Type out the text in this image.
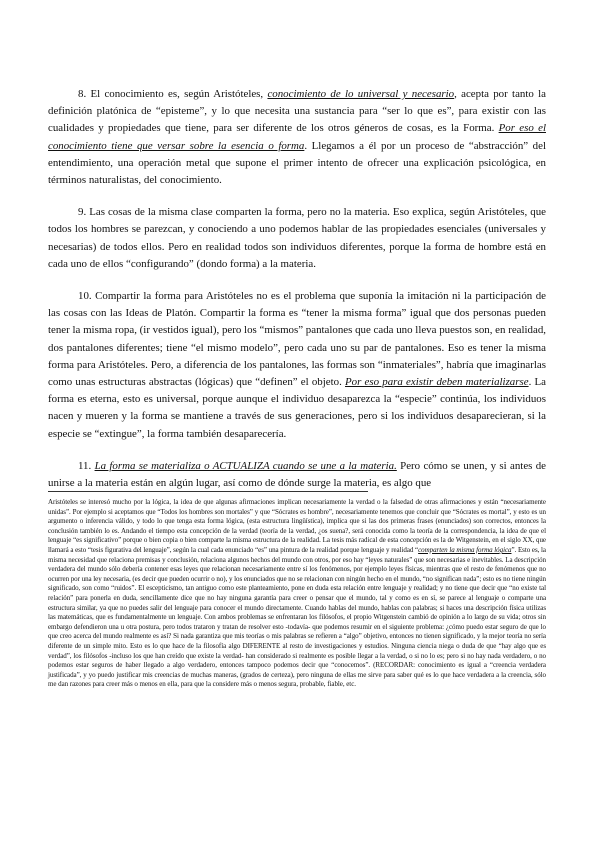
8. El conocimiento es, según Aristóteles, conocimiento de lo universal y necesario, acepta por tanto la definición platónica de “episteme”, y lo que necesita una sustancia para “ser lo que es”, para existir con las cualidades y propiedades que tiene, para ser diferente de los otros géneros de cosas, es la Forma. Por eso el conocimiento tiene que versar sobre la esencia o forma. Llegamos a él por un proceso de “abstracción” del entendimiento, una operación metal que supone el primer intento de ofrecer una explicación psicológica, en términos naturalistas, del conocimiento.

9. Las cosas de la misma clase comparten la forma, pero no la materia. Eso explica, según Aristóteles, que todos los hombres se parezcan, y conociendo a uno podemos hablar de las propiedades esenciales (universales y necesarias) de todos ellos. Pero en realidad todos son individuos diferentes, porque la forma de hombre está en cada uno de ellos “configurando” (dondo forma) a la materia.

10. Compartir la forma para Aristóteles no es el problema que suponía la imitación ni la participación de las cosas con las Ideas de Platón. Compartir la forma es “tener la misma forma” igual que dos personas pueden tener la misma ropa, (ir vestidos igual), pero los “mismos” pantalones que cada uno lleva puestos son, en realidad, dos pantalones diferentes; tiene “el mismo modelo”, pero cada uno su par de pantalones. Eso es tener la misma forma para Aristóteles. Pero, a diferencia de los pantalones, las formas son “inmateriales”, habría que imaginarlas como unas estructuras abstractas (lógicas) que “definen” el objeto. Por eso para existir deben materializarse. La forma es eterna, esto es universal, porque aunque el individuo desaparezca la “especie” continúa, los individuos nacen y mueren y la forma se mantiene a través de sus generaciones, pero si los individuos desaparecieran, si la especie se “extingue”, la forma también desaparecería.

11. La forma se materializa o ACTUALIZA cuando se une a la materia. Pero cómo se unen, y si antes de unirse a la materia están en algún lugar, así como de dónde surge la materia, es algo que

Aristóteles se interesó mucho por la lógica, la idea de que algunas afirmaciones implican necesariamente la verdad o la falsedad de otras afirmaciones y están “necesariamente unidas”. Por ejemplo si aceptamos que “Todos los hombres son mortales” y que “Sócrates es hombre”, necesariamente tenemos que concluir que “Sócrates es mortal”, y esto es un argumento o inferencia válido, y todo lo que tenga esta forma lógica, (esta estructura lingüística), implica que si las dos primeras frases (enunciados) son correctos, entonces la conclusión también lo es. Andando el tiempo esta concepción de la verdad (teoría de la verdad, ¿os suena?, será conocida como la teoría de la correspondencia, la idea de que el lenguaje “es significativo” porque o bien copia o bien comparte la misma estructura de la realidad. La tesis más radical de esta concepción es la de Witgenstein, en el siglo XX, que llamará a esto “tesis figurativa del lenguaje”, según la cual cada enunciado “es” una pintura de la realidad porque lenguaje y realidad “comparten la misma forma lógica”. Esto es, la misma necesidad que relaciona premisas y conclusión, relaciona algunos hechos del mundo con otros, por eso hay “leyes naturales” que son necesarias e inevitables. La descripción verdadera del mundo sólo debería contener esas leyes que relacionan necesariamente entre sí los fenómenos, por ejemplo leyes físicas, mientras que el resto de fenómenos que no ocurren por una ley necesaria, (es decir que pueden ocurrir o no), y los enunciados que no se relacionan con ningún hecho en el mundo, “no significan nada”; esto es no tiene ningún significado, son como “ruidos”. El escepticismo, tan antiguo como este planteamiento, pone en duda esta relación entre lenguaje y realidad; y no tiene que decir que “no existe tal relación” para ponerla en duda, sencillamente dice que no hay ninguna garantía para creer o pensar que el mundo, tal y como es en sí, se parece al lenguaje o comparte una estructura similar, ya que no puedes salir del lenguaje para conocer el mundo directamente. Cuando hablas del mundo, hablas con palabras; si haces una descripción física utilizas las matemáticas, que es fundamentalmente un lenguaje. Con ambos problemas se enfrentaran los filósofos, el propio Witgenstein cambió de opinión a lo largo de su vida; otros sin embargo defendieron una u otra postura, pero todos trataron y tratan de resolver esto -todavía- que podemos resumir en el siguiente problema: ¿cómo puedo estar seguro de que lo que creo acerca del mundo realmente es así? Si nada garantiza que mis teorías o mis palabras se refieren a “algo” objetivo, entonces no tienen significado, y la mejor teoría no sería diferente de un simple mito. Esto es lo que hace de la filosofía algo DIFERENTE al resto de investigaciones y estudios. Ninguna ciencia niega o duda de que “hay algo que es verdad”, los filósofos -incluso los que han creído que existe la verdad- han considerado si realmente es posible llegar a la verdad, o si no lo es; pero si no hay nada verdadero, o no podemos estar seguros de haber llegado a algo verdadero, entonces tampoco podemos decir que “conocemos”. (RECORDAR: conocimiento es igual a “creencia verdadera justificada”, y yo puedo justificar mis creencias de muchas maneras, (grados de certeza), pero ninguna de ellas me sirve para saber qué es lo que hace verdadera a la creencia, sólo me dan razones para creer más o menos en ella, para que la considere más o menos segura, probable, fiable, etc.
